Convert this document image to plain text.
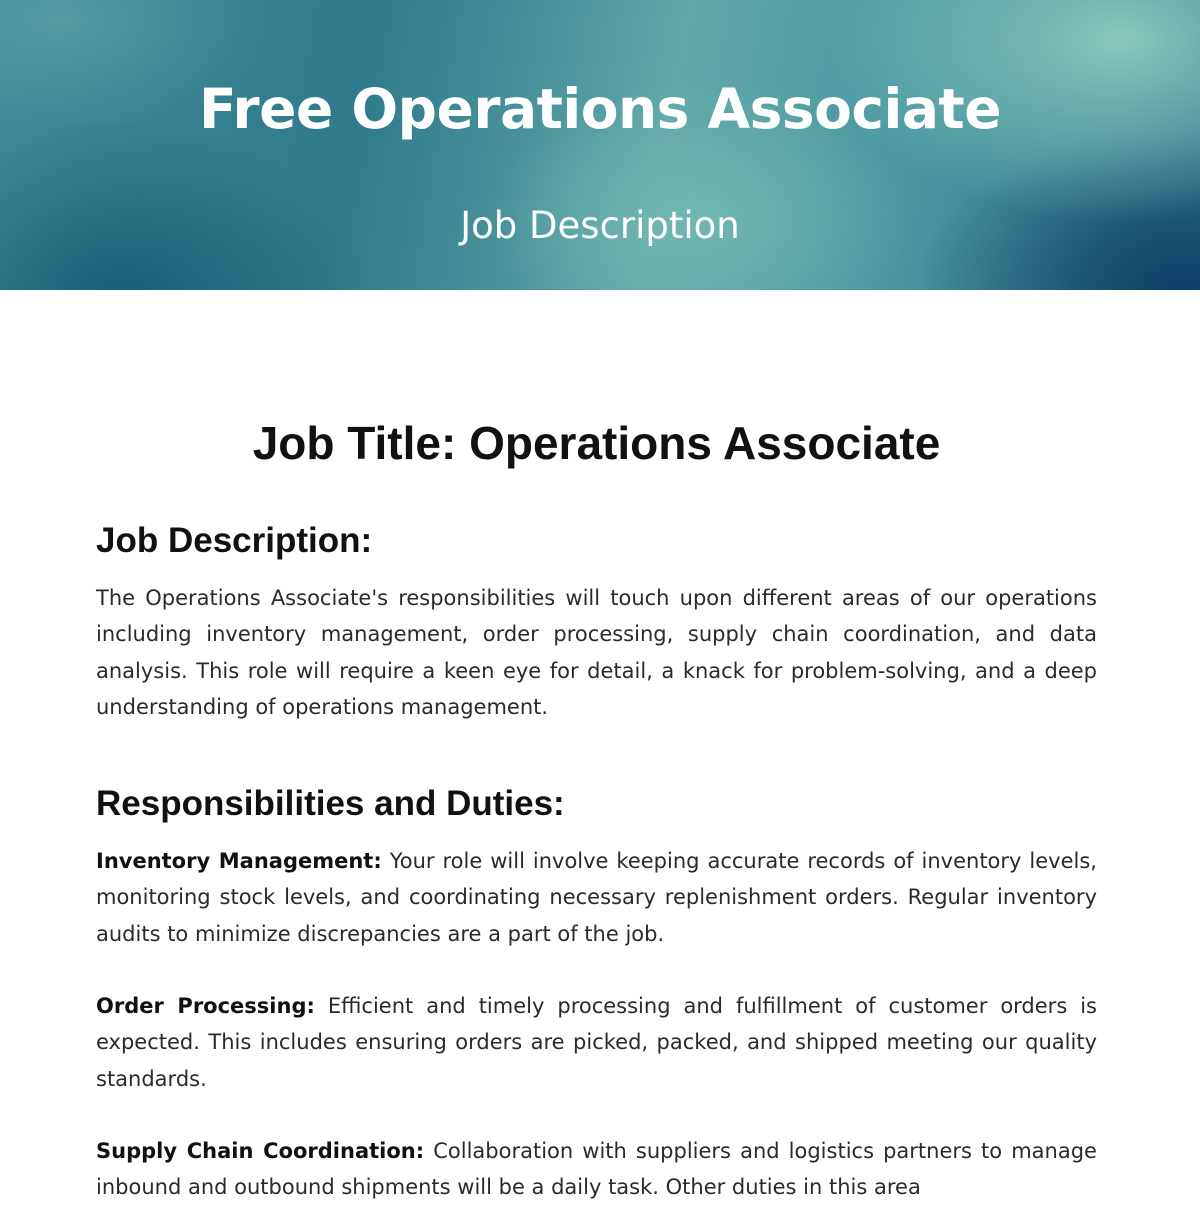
Free Operations Associate
Job Description
Job Title: Operations Associate
Job Description:

The Operations Associate's responsibilities will touch upon different areas of our operations including inventory management, order processing, supply chain coordination, and data analysis. This role will require a keen eye for detail, a knack for problem-solving, and a deep understanding of operations management.

Responsibilities and Duties:

Inventory Management: Your role will involve keeping accurate records of inventory levels, monitoring stock levels, and coordinating necessary replenishment orders. Regular inventory audits to minimize discrepancies are a part of the job.

Order Processing: Efficient and timely processing and fulfillment of customer orders is expected. This includes ensuring orders are picked, packed, and shipped meeting our quality standards.

Supply Chain Coordination: Collaboration with suppliers and logistics partners to manage inbound and outbound shipments will be a daily task. Other duties in this area
